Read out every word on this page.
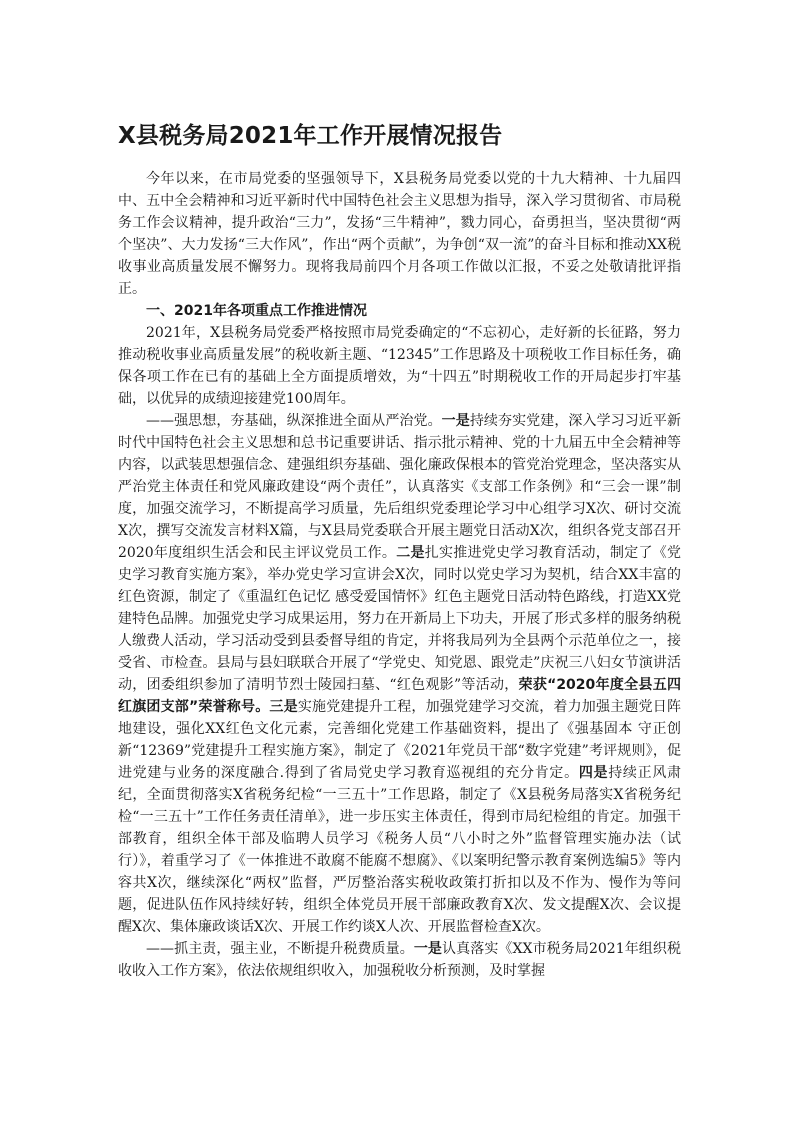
X县税务局2021年工作开展情况报告

今年以来，在市局党委的坚强领导下，X县税务局党委以党的十九大精神、十九届四中、五中全会精神和习近平新时代中国特色社会主义思想为指导，深入学习贯彻省、市局税务工作会议精神，提升政治“三力”，发扬“三牛精神”，戮力同心，奋勇担当，坚决贯彻“两个坚决”、大力发扬“三大作风”，作出“两个贡献”，为争创“双一流”的奋斗目标和推动XX税收事业高质量发展不懈努力。现将我局前四个月各项工作做以汇报，不妥之处敬请批评指正。

一、2021年各项重点工作推进情况

2021年，X县税务局党委严格按照市局党委确定的“不忘初心，走好新的长征路，努力推动税收事业高质量发展”的税收新主题、“12345”工作思路及十项税收工作目标任务，确保各项工作在已有的基础上全方面提质增效，为“十四五”时期税收工作的开局起步打牢基础，以优异的成绩迎接建党100周年。

——强思想，夯基础，纵深推进全面从严治党。一是持续夯实党建，深入学习习近平新时代中国特色社会主义思想和总书记重要讲话、指示批示精神、党的十九届五中全会精神等内容，以武装思想强信念、建强组织夯基础、强化廉政保根本的管党治党理念，坚决落实从严治党主体责任和党风廉政建设“两个责任”，认真落实《支部工作条例》和“三会一课”制度，加强交流学习，不断提高学习质量，先后组织党委理论学习中心组学习X次、研讨交流X次，撰写交流发言材料X篇，与X县局党委联合开展主题党日活动X次，组织各党支部召开2020年度组织生活会和民主评议党员工作。二是扎实推进党史学习教育活动，制定了《党史学习教育实施方案》，举办党史学习宣讲会X次，同时以党史学习为契机，结合XX丰富的红色资源，制定了《重温红色记忆 感受爱国情怀》红色主题党日活动特色路线，打造XX党建特色品牌。加强党史学习成果运用，努力在开新局上下功夫，开展了形式多样的服务纳税人缴费人活动，学习活动受到县委督导组的肯定，并将我局列为全县两个示范单位之一，接受省、市检查。县局与县妇联联合开展了“学党史、知党恩、跟党走”庆祝三八妇女节演讲活动，团委组织参加了清明节烈士陵园扫墓、“红色观影”等活动，荣获“2020年度全县五四红旗团支部”荣誉称号。三是实施党建提升工程，加强党建学习交流，着力加强主题党日阵地建设，强化XX红色文化元素，完善细化党建工作基础资料，提出了《强基固本 守正创新“12369”党建提升工程实施方案》，制定了《2021年党员干部“数字党建”考评规则》，促进党建与业务的深度融合.得到了省局党史学习教育巡视组的充分肯定。四是持续正风肃纪，全面贯彻落实X省税务纪检“一三五十”工作思路，制定了《X县税务局落实X省税务纪检“一三五十”工作任务责任清单》，进一步压实主体责任，得到市局纪检组的肯定。加强干部教育，组织全体干部及临聘人员学习《税务人员“八小时之外”监督管理实施办法（试行）》，着重学习了《一体推进不敢腐不能腐不想腐》、《以案明纪警示教育案例选编5》等内容共X次，继续深化“两权”监督，严厉整治落实税收政策打折扣以及不作为、慢作为等问题，促进队伍作风持续好转，组织全体党员开展干部廉政教育X次、发文提醒X次、会议提醒X次、集体廉政谈话X次、开展工作约谈X人次、开展监督检查X次。

——抓主责，强主业，不断提升税费质量。一是认真落实《XX市税务局2021年组织税收收入工作方案》，依法依规组织收入，加强税收分析预测，及时掌握
